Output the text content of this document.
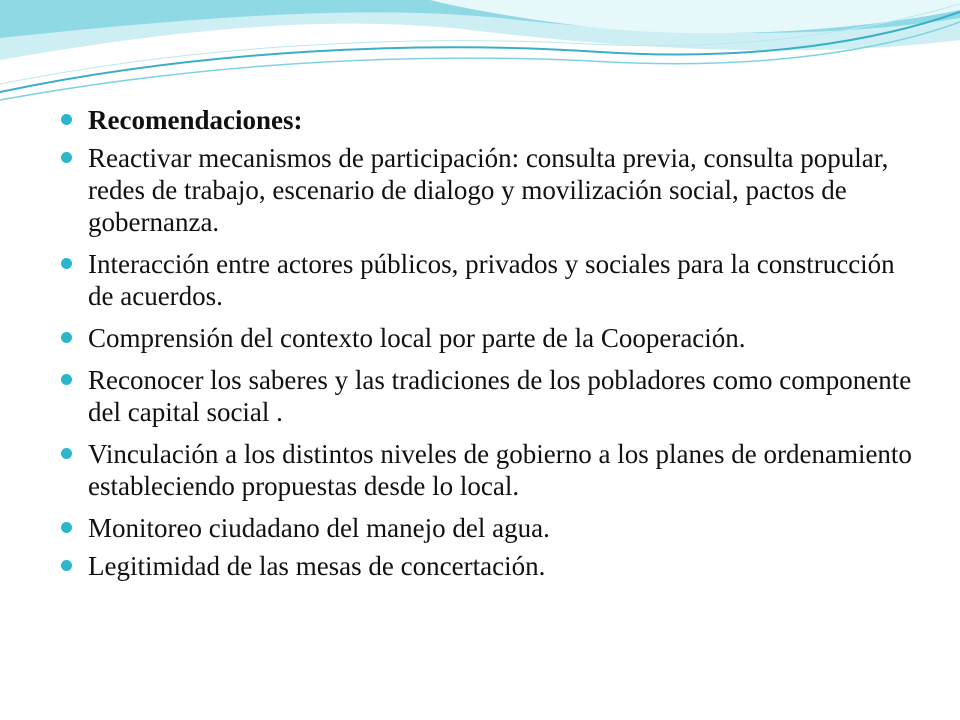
Recomendaciones:
Reactivar mecanismos de participación: consulta previa, consulta popular, redes de trabajo, escenario de dialogo y movilización social, pactos de gobernanza.
Interacción entre actores públicos, privados y sociales para la construcción de acuerdos.
Comprensión del contexto local por parte de la Cooperación.
Reconocer los saberes y las tradiciones de los pobladores como componente del capital social .
Vinculación a los distintos niveles de gobierno a los planes de ordenamiento estableciendo propuestas desde lo local.
Monitoreo ciudadano del manejo del agua.
Legitimidad de las mesas de concertación.
